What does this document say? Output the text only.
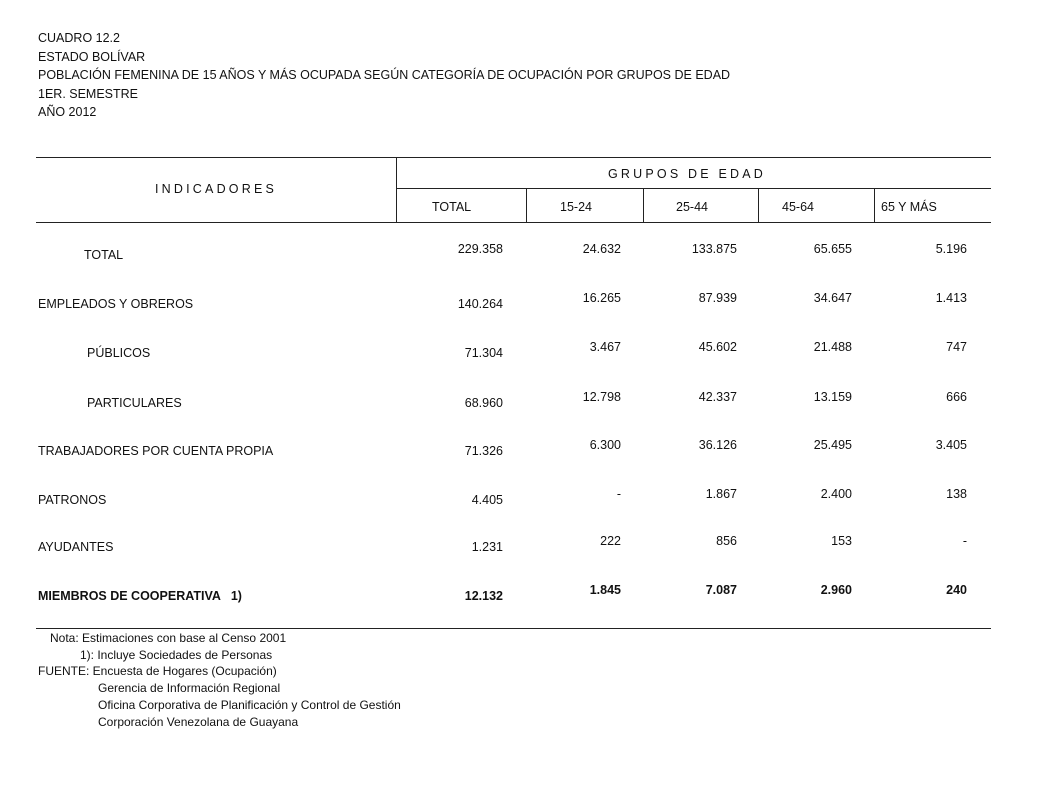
CUADRO 12.2
ESTADO BOLÍVAR
POBLACIÓN FEMENINA DE 15 AÑOS Y MÁS OCUPADA SEGÚN CATEGORÍA DE OCUPACIÓN POR GRUPOS DE EDAD
1ER. SEMESTRE
AÑO 2012
INDICADORES
GRUPOS DE EDAD
TOTAL	15-24	25-44	45-64	65 Y MÁS
TOTAL	229.358	24.632	133.875	65.655	5.196
EMPLEADOS Y OBREROS	140.264	16.265	87.939	34.647	1.413
PÚBLICOS	71.304	3.467	45.602	21.488	747
PARTICULARES	68.960	12.798	42.337	13.159	666
TRABAJADORES POR CUENTA PROPIA	71.326	6.300	36.126	25.495	3.405
PATRONOS	4.405	-	1.867	2.400	138
AYUDANTES	1.231	222	856	153	-
MIEMBROS DE COOPERATIVA   1)	12.132	1.845	7.087	2.960	240
Nota: Estimaciones con base al Censo 2001
1): Incluye Sociedades de Personas
FUENTE: Encuesta de Hogares (Ocupación)
Gerencia de Información Regional
Oficina Corporativa de Planificación y Control de Gestión
Corporación Venezolana de Guayana
